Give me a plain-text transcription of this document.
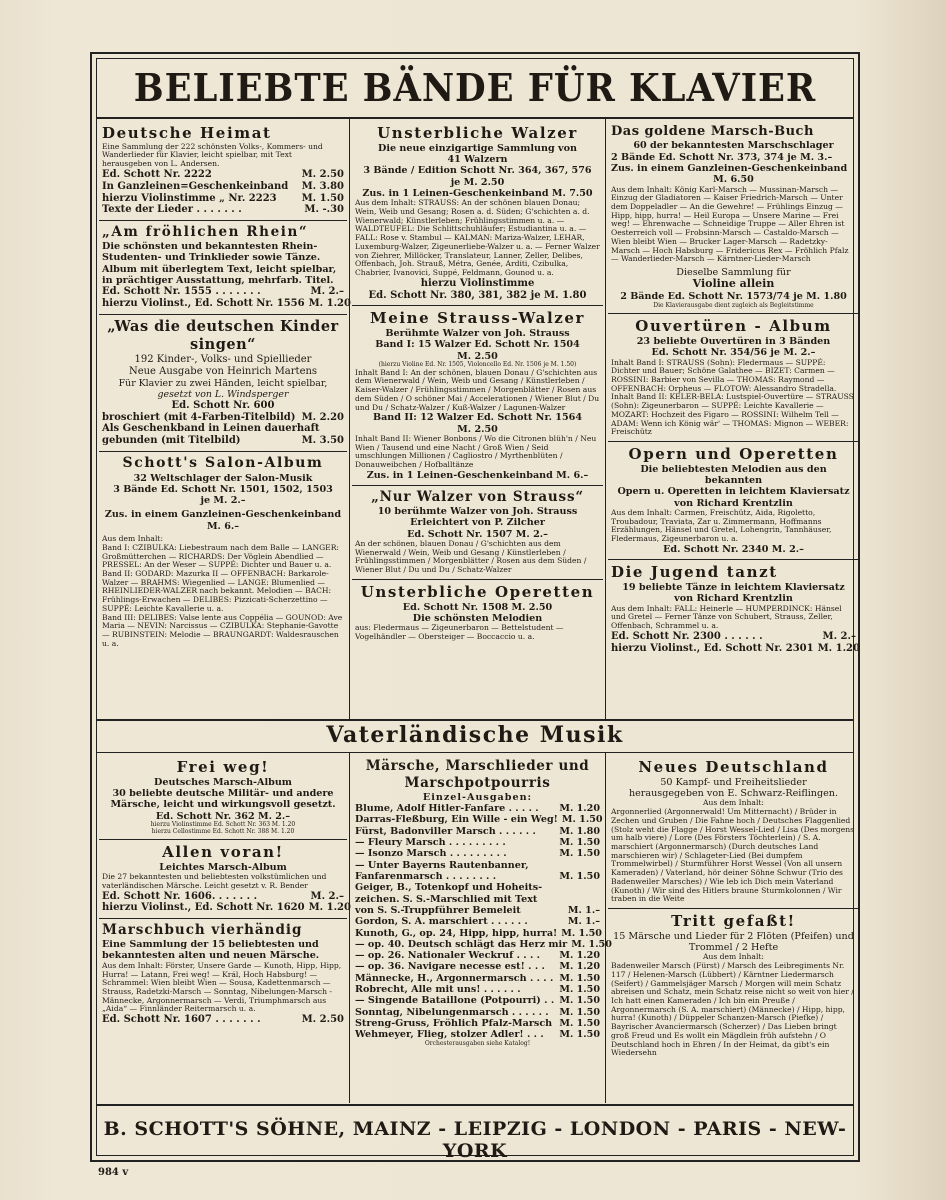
BELIEBTE BÄNDE FÜR KLAVIER
Deutsche Heimat
Eine Sammlung der 222 schönsten Volks-, Kommers- und Wanderlieder für Klavier, leicht spielbar, mit Text herausgeben von L. Andersen.
Ed. Schott Nr. 2222	M. 2.50
In Ganzleinen=Geschenkeinband M. 3.80
hierzu Violinstimme „ Nr. 2223 M. 1.50
Texte der Lieder . . . . . . .	M. -.30
„Am fröhlichen Rhein“
Die schönsten und bekanntesten Rhein-Studenten- und Trinklieder sowie Tänze. Album mit überlegtem Text, leicht spielbar, in prächtiger Ausstattung, mehrfarb. Titel.
Ed. Schott Nr. 1555 . . . . . . .	M. 2.–
hierzu Violinst., Ed. Schott Nr. 1556 M. 1.20
„Was die deutschen Kinder singen“
192 Kinder-, Volks- und Spiellieder
Neue Ausgabe von Heinrich Martens
Für Klavier zu zwei Händen, leicht spielbar,
gesetzt von L. Windsperger
Ed. Schott Nr. 600
broschiert (mit 4-Farben-Titelbild) M. 2.20
Als Geschenkband in Leinen dauerhaft
gebunden (mit Titelbild)	M. 3.50
Schott's Salon-Album
32 Weltschlager der Salon-Musik
3 Bände Ed. Schott Nr. 1501, 1502, 1503
je M. 2.–
Zus. in einem Ganzleinen-Geschenkeinband
M. 6.–
Aus dem Inhalt:
Band I: CZIBULKA: Liebestraum nach dem Balle — LANGER: Großmütterchen — RICHARDS: Der Vöglein Abendlied — PRESSEL: An der Weser — SUPPÉ: Dichter und Bauer u. a.
Band II: GODARD: Mazurka II — OFFENBACH: Barkarole-Walzer — BRAHMS: Wiegenlied — LANGE: Blumenlied — RHEINLIEDER-WALZER nach bekannt. Melodien — BACH: Frühlings-Erwachen — DELIBES: Pizzicati-Scherzettino — SUPPÉ: Leichte Kavallerie u. a.
Band III: DELIBES: Valse lente aus Coppélia — GOUNOD: Ave Maria — NEVIN: Narcissus — CZIBULKA: Stephanie-Gavotte — RUBINSTEIN: Melodie — BRAUNGARDT: Waldesrauschen u. a.
Unsterbliche Walzer
Die neue einzigartige Sammlung von
41 Walzern
3 Bände / Edition Schott Nr. 364, 367, 576
je M. 2.50
Zus. in 1 Leinen-Geschenkeinband M. 7.50
Aus dem Inhalt: STRAUSS: An der schönen blauen Donau; Wein, Weib und Gesang; Rosen a. d. Süden; G'schichten a. d. Wienerwald; Künstlerleben; Frühlingsstimmen u. a. — WALDTEUFEL: Die Schlittschuhläufer; Estudiantina u. a. — FALL: Rose v. Stambul — KALMAN: Mariza-Walzer, LEHAR, Luxemburg-Walzer, Zigeunerliebe-Walzer u. a. — Ferner Walzer von Ziehrer, Millöcker, Translateur, Lanner, Zeller, Delibes, Offenbach, Joh. Strauß, Métra, Genée, Arditi, Czibulka, Chabrier, Ivanovici, Suppé, Feldmann, Gounod u. a.
hierzu Violinstimme
Ed. Schott Nr. 380, 381, 382 je M. 1.80
Meine Strauss-Walzer
Berühmte Walzer von Joh. Strauss
Band I: 15 Walzer Ed. Schott Nr. 1504
M. 2.50
(hierzu Violine Ed. Nr. 1505, Violoncello Ed. Nr. 1506 je M. 1.50)
Inhalt Band I: An der schönen, blauen Donau / G'schichten aus dem Wienerwald / Wein, Weib und Gesang / Künstlerleben / Kaiser-Walzer / Frühlingsstimmen / Morgenblätter / Rosen aus dem Süden / O schöner Mai / Accelerationen / Wiener Blut / Du und Du / Schatz-Walzer / Kuß-Walzer / Lagunen-Walzer
Band II: 12 Walzer Ed. Schott Nr. 1564
M. 2.50
Inhalt Band II: Wiener Bonbons / Wo die Citronen blüh'n / Neu Wien / Tausend und eine Nacht / Groß Wien / Seid umschlungen Millionen / Cagliostro / Myrthenblüten / Donauweibchen / Hofballtänze
Zus. in 1 Leinen-Geschenkeinband M. 6.–
„Nur Walzer von Strauss“
10 berühmte Walzer von Joh. Strauss
Erleichtert von P. Zilcher
Ed. Schott Nr. 1507 M. 2.–
An der schönen, blauen Donau / G'schichten aus dem Wienerwald / Wein, Weib und Gesang / Künstlerleben / Frühlingsstimmen / Morgenblätter / Rosen aus dem Süden / Wiener Blut / Du und Du / Schatz-Walzer
Unsterbliche Operetten
Ed. Schott Nr. 1508 M. 2.50
Die schönsten Melodien
aus: Fledermaus — Zigeunerbaron — Bettelstudent — Vogelhändler — Obersteiger — Boccaccio u. a.
Das goldene Marsch-Buch
60 der bekanntesten Marschschlager
2 Bände Ed. Schott Nr. 373, 374 je M. 3.–
Zus. in einem Ganzleinen-Geschenkeinband
M. 6.50
Aus dem Inhalt: König Karl-Marsch — Mussinan-Marsch — Einzug der Gladiatoren — Kaiser Friedrich-Marsch — Unter dem Doppeladler — An die Gewehre! — Frühlings Einzug — Hipp, hipp, hurra! — Heil Europa — Unsere Marine — Frei weg! — Ehrenwache — Schneidige Truppe — Aller Ehren ist Oesterreich voll — Frobsinn-Marsch — Castaldo-Marsch — Wien bleibt Wien — Brucker Lager-Marsch — Radetzky-Marsch — Hoch Habsburg — Fridericus Rex — Fröhlich Pfalz — Wanderlieder-Marsch — Kärntner-Lieder-Marsch
Dieselbe Sammlung für
Violine allein
2 Bände Ed. Schott Nr. 1573/74 je M. 1.80
Die Klavierausgabe dient zugleich als Begleitstimme
Ouvertüren - Album
23 beliebte Ouvertüren in 3 Bänden
Ed. Schott Nr. 354/56 je M. 2.–
Inhalt Band I: STRAUSS (Sohn): Fledermaus — SUPPÉ: Dichter und Bauer; Schöne Galathee — BIZET: Carmen — ROSSINI: Barbier von Sevilla — THOMAS: Raymond — OFFENBACH: Orpheus — FLOTOW: Alessandro Stradella. Inhalt Band II: KELER-BELA: Lustspiel-Ouvertüre — STRAUSS (Sohn): Zigeunerbaron — SUPPÉ: Leichte Kavallerie — MOZART: Hochzeit des Figaro — ROSSINI: Wilhelm Tell — ADAM: Wenn ich König wär' — THOMAS: Mignon — WEBER: Freischütz
Opern und Operetten
Die beliebtesten Melodien aus den bekannten
Opern u. Operetten in leichtem Klaviersatz
von Richard Krentzlin
Aus dem Inhalt: Carmen, Freischütz, Aida, Rigoletto, Troubadour, Traviata, Zar u. Zimmermann, Hoffmanns Erzählungen, Hänsel und Gretel, Lohengrin, Tannhäuser, Fledermaus, Zigeunerbaron u. a.
Ed. Schott Nr. 2340 M. 2.–
Die Jugend tanzt
19 beliebte Tänze in leichtem Klaviersatz
von Richard Krentzlin
Aus dem Inhalt: FALL: Heinerle — HUMPERDINCK: Hänsel und Gretel — Ferner Tänze von Schubert, Strauss, Zeller, Offenbach, Schrammel u. a.
Ed. Schott Nr. 2300 . . . . . .	M. 2.–
hierzu Violinst., Ed. Schott Nr. 2301 M. 1.20
Vaterländische Musik
Frei weg!
Deutsches Marsch-Album
30 beliebte deutsche Militär- und andere Märsche, leicht und wirkungsvoll gesetzt.
Ed. Schott Nr. 362 M. 2.–
hierzu Violinstimme Ed. Schott Nr. 363 M. 1.20
hierzu Cellostimme Ed. Schott Nr. 388 M. 1.20
Allen voran!
Leichtes Marsch-Album
Die 27 bekanntesten und beliebtesten volkstümlichen und vaterländischen Märsche. Leicht gesetzt v. R. Bender
Ed. Schott Nr. 1606. . . . . . .	M. 2.–
hierzu Violinst., Ed. Schott Nr. 1620 M. 1.20
Marschbuch vierhändig
Eine Sammlung der 15 beliebtesten und bekanntesten alten und neuen Märsche.
Aus dem Inhalt: Förster, Unsere Garde — Kunoth, Hipp, Hipp, Hurra! — Latann, Frei weg! — Král, Hoch Habsburg! — Schrammel: Wien bleibt Wien — Sousa, Kadettenmarsch — Strauss, Radetzki-Marsch — Sonntag, Nibelungen-Marsch - Männecke, Argonnermarsch — Verdi, Triumphmarsch aus „Aida“ — Finnländer Reitermarsch u. a.
Ed. Schott Nr. 1607 . . . . . . .	M. 2.50
Märsche, Marschlieder und Marschpotpourris
Einzel-Ausgaben:
Blume, Adolf Hitler-Fanfare . . . . . M. 1.20
Darras-Fleßburg, Ein Wille - ein Weg! M. 1.50
Fürst, Badonviller Marsch . . . . . . M. 1.80
— Fleury Marsch . . . . . . . . .	M. 1.50
— Isonzo Marsch . . . . . . . . .	M. 1.50
— Unter Bayerns Rautenbanner,
Fanfarenmarsch . . . . . . . .	M. 1.50
Geiger, B., Totenkopf und Hoheits-
zeichen. S. S.-Marschlied mit Text
von S. S.-Truppführer Bemeleit	M. 1.–
Gordon, S. A. marschiert . . . . . .	M. 1.–
Kunoth, G., op. 24, Hipp, hipp, hurra! M. 1.50
— op. 40. Deutsch schlägt das Herz mir M. 1.50
— op. 26. Nationaler Weckruf . . . . M. 1.20
— op. 36. Navigare necesse est! . . . M. 1.20
Männecke, H., Argonnermarsch . . . . M. 1.50
Robrecht, Alle mit uns! . . . . . .	M. 1.50
— Singende Bataillone (Potpourri) . . M. 1.50
Sonntag, Nibelungenmarsch . . . . . . M. 1.50
Streng-Gruss, Fröhlich Pfalz-Marsch M. 1.50
Wehmeyer, Flieg, stolzer Adler! . . . M. 1.50
Orchesterausgaben siehe Katalog!
Neues Deutschland
50 Kampf- und Freiheitslieder
herausgegeben von E. Schwarz-Reiflingen.
Aus dem Inhalt:
Argonnerlied (Argonnerwald! Um Mitternacht) / Brüder in Zechen und Gruben / Die Fahne hoch / Deutsches Flaggenlied (Stolz weht die Flagge / Horst Wessel-Lied / Lisa (Des morgens um halb viere) / Lore (Des Försters Töchterlein) / S. A. marschiert (Argonnermarsch) (Durch deutsches Land marschieren wir) / Schlageter-Lied (Bei dumpfem Trommelwirbel) / Sturmführer Horst Wessel (Von all unsern Kameraden) / Vaterland, hör deiner Söhne Schwur (Trio des Badenweiler Marsches) / Wie leb ich Dich mein Vaterland (Kunoth) / Wir sind des Hitlers braune Sturmkolonnen / Wir traben in die Weite
Tritt gefaßt!
15 Märsche und Lieder für 2 Flöten (Pfeifen) und Trommel / 2 Hefte
Aus dem Inhalt:
Badenweiler Marsch (Fürst) / Marsch des Leibregiments Nr. 117 / Helenen-Marsch (Lübbert) / Kärntner Liedermarsch (Seifert) / Gammelsjäger Marsch / Morgen will mein Schatz abreisen und Schatz, mein Schatz reise nicht so weit von hier / Ich hatt einen Kameraden / Ich bin ein Preuße / Argonnermarsch (S. A. marschiert) (Männecke) / Hipp, hipp, hurra! (Kunoth) / Düppeler Schanzen-Marsch (Piefke) / Bayrischer Avanciermarsch (Scherzer) / Das Lieben bringt groß Freud und Es wollt ein Mägdlein früh aufstehn / O Deutschland hoch in Ehren / In der Heimat, da gibt's ein Wiedersehn
B. SCHOTT'S SÖHNE, MAINZ - LEIPZIG - LONDON - PARIS - NEW-YORK
984 v
